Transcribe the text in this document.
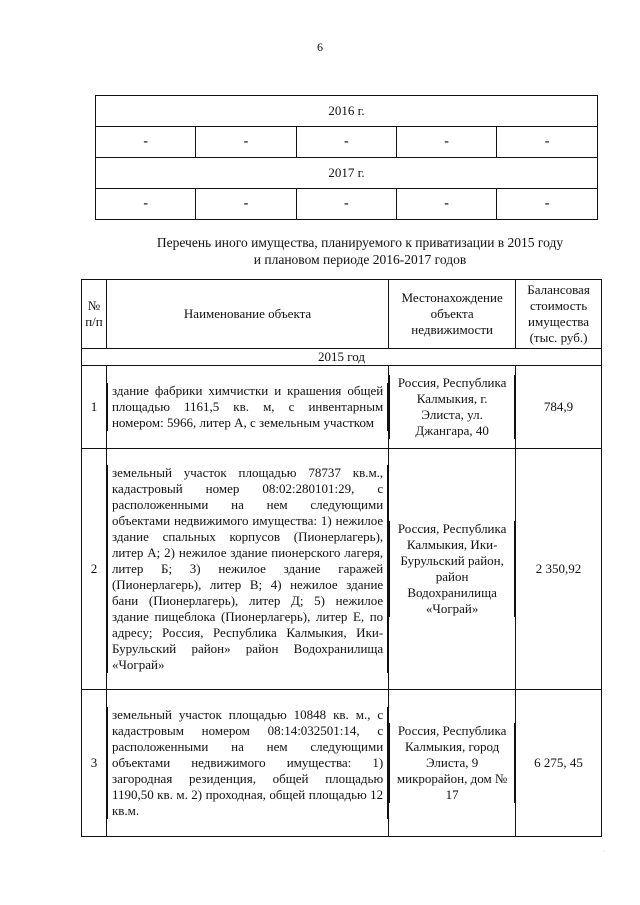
6
2016 г.				
-	-	-	-	-
2017 г.				
-	-	-	-	-
Перечень иного имущества, планируемого к приватизации в 2015 году
и плановом периоде 2016-2017 годов
№ п/п	Наименование объекта	Местонахождение объекта недвижимости	Балансовая стоимость имущества (тыс. руб.)
2015 год			
1	здание фабрики химчистки и крашения общей площадью 1161,5 кв. м, с инвентарным номером: 5966, литер А, с земельным участком	Россия, Республика Калмыкия, г. Элиста, ул. Джангара, 40	784,9
2	земельный участок площадью 78737 кв.м., кадастровый номер 08:02:280101:29, с расположенными на нем следующими объектами недвижимого имущества: 1) нежилое здание спальных корпусов (Пионерлагерь), литер А; 2) нежилое здание пионерского лагеря, литер Б; 3) нежилое здание гаражей (Пионерлагерь), литер В; 4) нежилое здание бани (Пионерлагерь), литер Д; 5) нежилое здание пищеблока (Пионерлагерь), литер Е, по адресу; Россия, Республика Калмыкия, Ики-Бурульский район» район Водохранилища «Чограй»	Россия, Республика Калмыкия, Ики-Бурульский район, район Водохранилища «Чограй»	2 350,92
3	земельный участок площадью 10848 кв. м., с кадастровым номером 08:14:032501:14, с расположенными на нем следующими объектами недвижимого имущества: 1) загородная резиденция, общей площадью 1190,50 кв. м. 2) проходная, общей площадью 12 кв.м.	Россия, Республика Калмыкия, город Элиста, 9 микрорайон, дом № 17	6 275, 45
·
